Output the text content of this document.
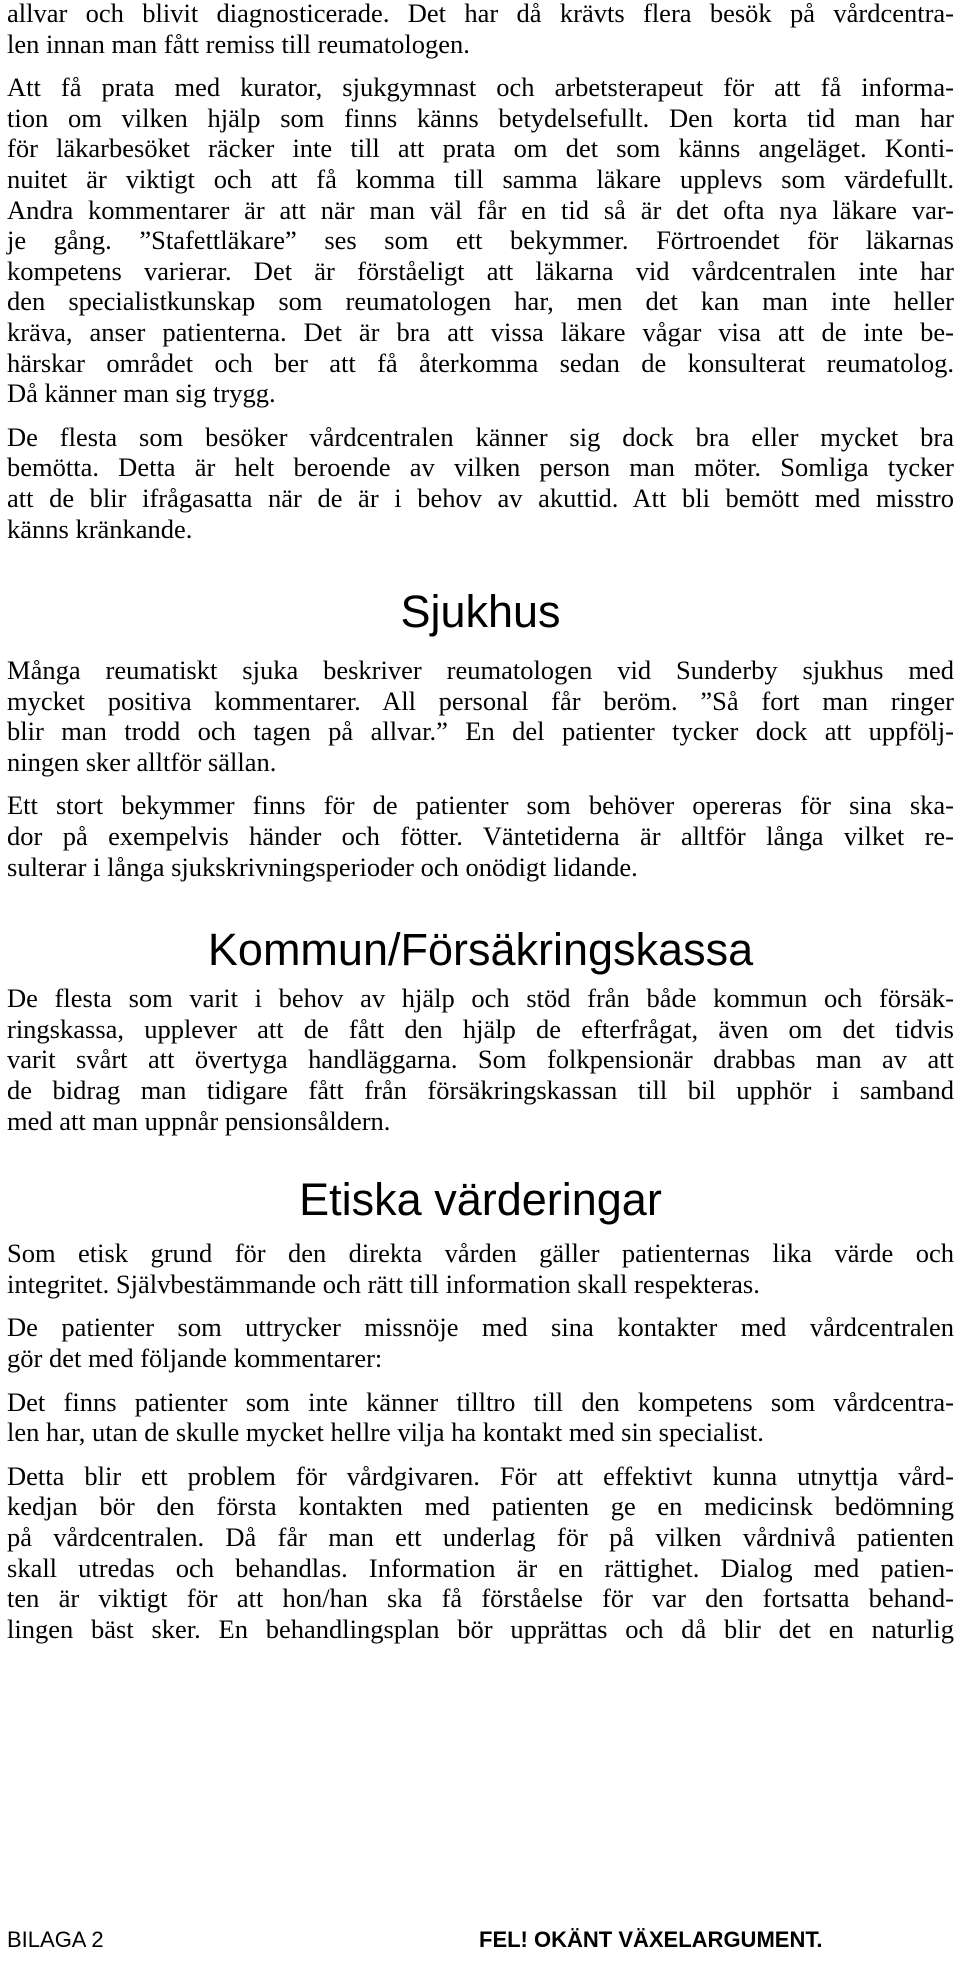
allvar och blivit diagnosticerade. Det har då krävts flera besök på vårdcentra-
len innan man fått remiss till reumatologen.
Att få prata med kurator, sjukgymnast och arbetsterapeut för att få informa-
tion om vilken hjälp som finns känns betydelsefullt. Den korta tid man har
för läkarbesöket räcker inte till att prata om det som känns angeläget. Konti-
nuitet är viktigt och att få komma till samma läkare upplevs som värdefullt.
Andra kommentarer är att när man väl får en tid så är det ofta nya läkare var-
je gång. ”Stafettläkare” ses som ett bekymmer. Förtroendet för läkarnas
kompetens varierar. Det är förståeligt att läkarna vid vårdcentralen inte har
den specialistkunskap som reumatologen har, men det kan man inte heller
kräva, anser patienterna. Det är bra att vissa läkare vågar visa att de inte be-
härskar området och ber att få återkomma sedan de konsulterat reumatolog.
Då känner man sig trygg.
De flesta som besöker vårdcentralen känner sig dock bra eller mycket bra
bemötta. Detta är helt beroende av vilken person man möter. Somliga tycker
att de blir ifrågasatta när de är i behov av akuttid. Att bli bemött med misstro
känns kränkande.
Sjukhus
Många reumatiskt sjuka beskriver reumatologen vid Sunderby sjukhus med
mycket positiva kommentarer. All personal får beröm. ”Så fort man ringer
blir man trodd och tagen på allvar.” En del patienter tycker dock att uppfölj-
ningen sker alltför sällan.
Ett stort bekymmer finns för de patienter som behöver opereras för sina ska-
dor på exempelvis händer och fötter. Väntetiderna är alltför långa vilket re-
sulterar i långa sjukskrivningsperioder och onödigt lidande.
Kommun/Försäkringskassa
De flesta som varit i behov av hjälp och stöd från både kommun och försäk-
ringskassa, upplever att de fått den hjälp de efterfrågat, även om det tidvis
varit svårt att övertyga handläggarna. Som folkpensionär drabbas man av att
de bidrag man tidigare fått från försäkringskassan till bil upphör i samband
med att man uppnår pensionsåldern.
Etiska värderingar
Som etisk grund för den direkta vården gäller patienternas lika värde och
integritet. Självbestämmande och rätt till information skall respekteras.
De patienter som uttrycker missnöje med sina kontakter med vårdcentralen
gör det med följande kommentarer:
Det finns patienter som inte känner tilltro till den kompetens som vårdcentra-
len har, utan de skulle mycket hellre vilja ha kontakt med sin specialist.
Detta blir ett problem för vårdgivaren. För att effektivt kunna utnyttja vård-
kedjan bör den första kontakten med patienten ge en medicinsk bedömning
på vårdcentralen. Då får man ett underlag för på vilken vårdnivå patienten
skall utredas och behandlas. Information är en rättighet. Dialog med patien-
ten är viktigt för att hon/han ska få förståelse för var den fortsatta behand-
lingen bäst sker. En behandlingsplan bör upprättas och då blir det en naturlig
BILAGA 2	FEL! OKÄNT VÄXELARGUMENT.
